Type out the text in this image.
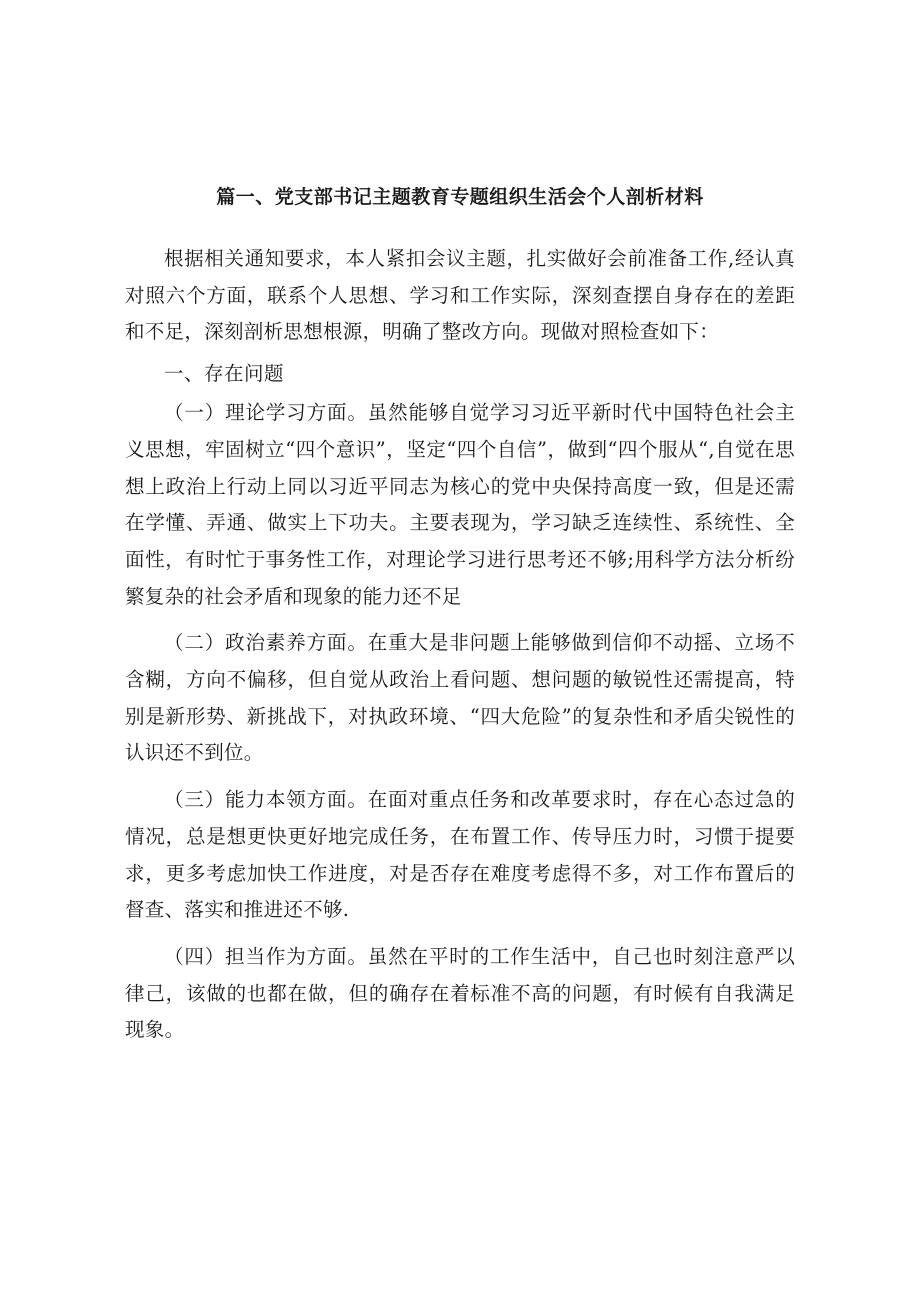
篇一、党支部书记主题教育专题组织生活会个人剖析材料

根据相关通知要求，本人紧扣会议主题，扎实做好会前准备工作,经认真对照六个方面，联系个人思想、学习和工作实际，深刻查摆自身存在的差距和不足，深刻剖析思想根源，明确了整改方向。现做对照检查如下：

一、存在问题

（一）理论学习方面。虽然能够自觉学习习近平新时代中国特色社会主义思想，牢固树立“四个意识”，坚定“四个自信”，做到“四个服从“,自觉在思想上政治上行动上同以习近平同志为核心的党中央保持高度一致，但是还需在学懂、弄通、做实上下功夫。主要表现为，学习缺乏连续性、系统性、全面性，有时忙于事务性工作，对理论学习进行思考还不够;用科学方法分析纷繁复杂的社会矛盾和现象的能力还不足

（二）政治素养方面。在重大是非问题上能够做到信仰不动摇、立场不含糊，方向不偏移，但自觉从政治上看问题、想问题的敏锐性还需提高，特别是新形势、新挑战下，对执政环境、“四大危险”的复杂性和矛盾尖锐性的认识还不到位。

（三）能力本领方面。在面对重点任务和改革要求时，存在心态过急的情况，总是想更快更好地完成任务，在布置工作、传导压力时，习惯于提要求，更多考虑加快工作进度，对是否存在难度考虑得不多，对工作布置后的督查、落实和推进还不够.

（四）担当作为方面。虽然在平时的工作生活中，自己也时刻注意严以律己，该做的也都在做，但的确存在着标准不高的问题，有时候有自我满足现象。
